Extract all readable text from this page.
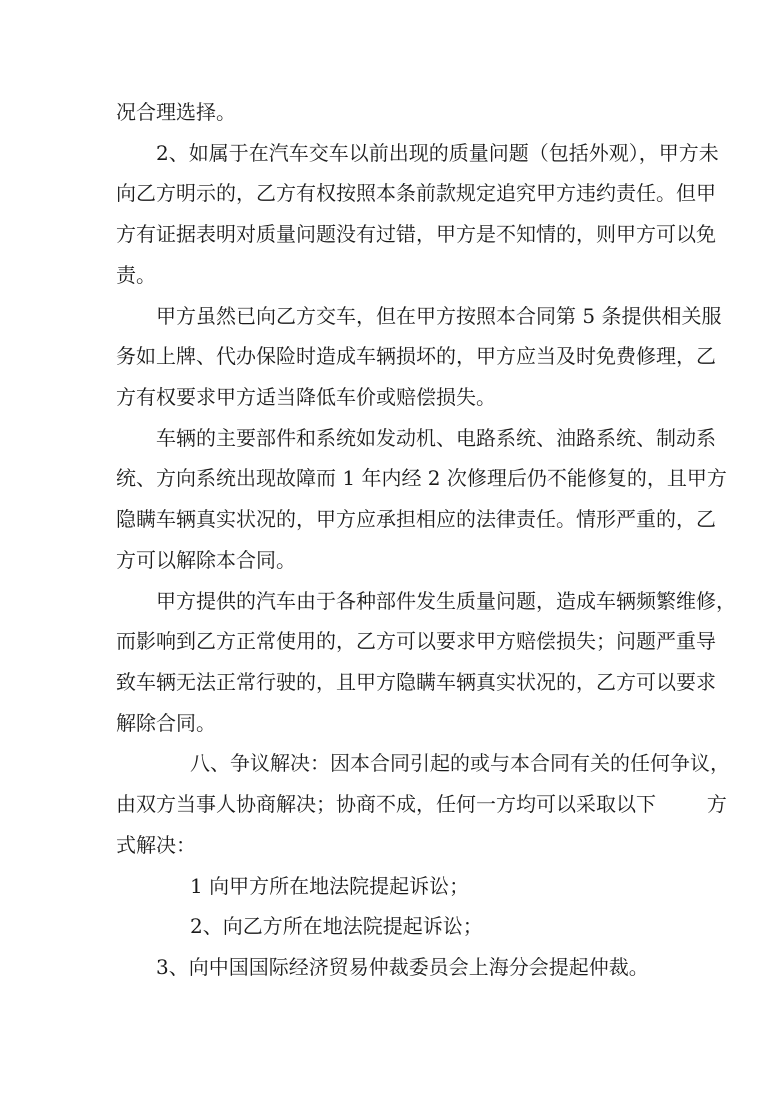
况合理选择。
2、如属于在汽车交车以前出现的质量问题（包括外观），甲方未
向乙方明示的，乙方有权按照本条前款规定追究甲方违约责任。但甲
方有证据表明对质量问题没有过错，甲方是不知情的，则甲方可以免
责。
甲方虽然已向乙方交车，但在甲方按照本合同第 5 条提供相关服
务如上牌、代办保险时造成车辆损坏的，甲方应当及时免费修理，乙
方有权要求甲方适当降低车价或赔偿损失。
车辆的主要部件和系统如发动机、电路系统、油路系统、制动系
统、方向系统出现故障而 1 年内经 2 次修理后仍不能修复的，且甲方
隐瞒车辆真实状况的，甲方应承担相应的法律责任。情形严重的，乙
方可以解除本合同。
甲方提供的汽车由于各种部件发生质量问题，造成车辆频繁维修，
而影响到乙方正常使用的，乙方可以要求甲方赔偿损失；问题严重导
致车辆无法正常行驶的，且甲方隐瞒车辆真实状况的，乙方可以要求
解除合同。
八、争议解决：因本合同引起的或与本合同有关的任何争议，
由双方当事人协商解决；协商不成，任何一方均可以采取以下        方
式解决：
1 向甲方所在地法院提起诉讼；
2、向乙方所在地法院提起诉讼；
3、向中国国际经济贸易仲裁委员会上海分会提起仲裁。
